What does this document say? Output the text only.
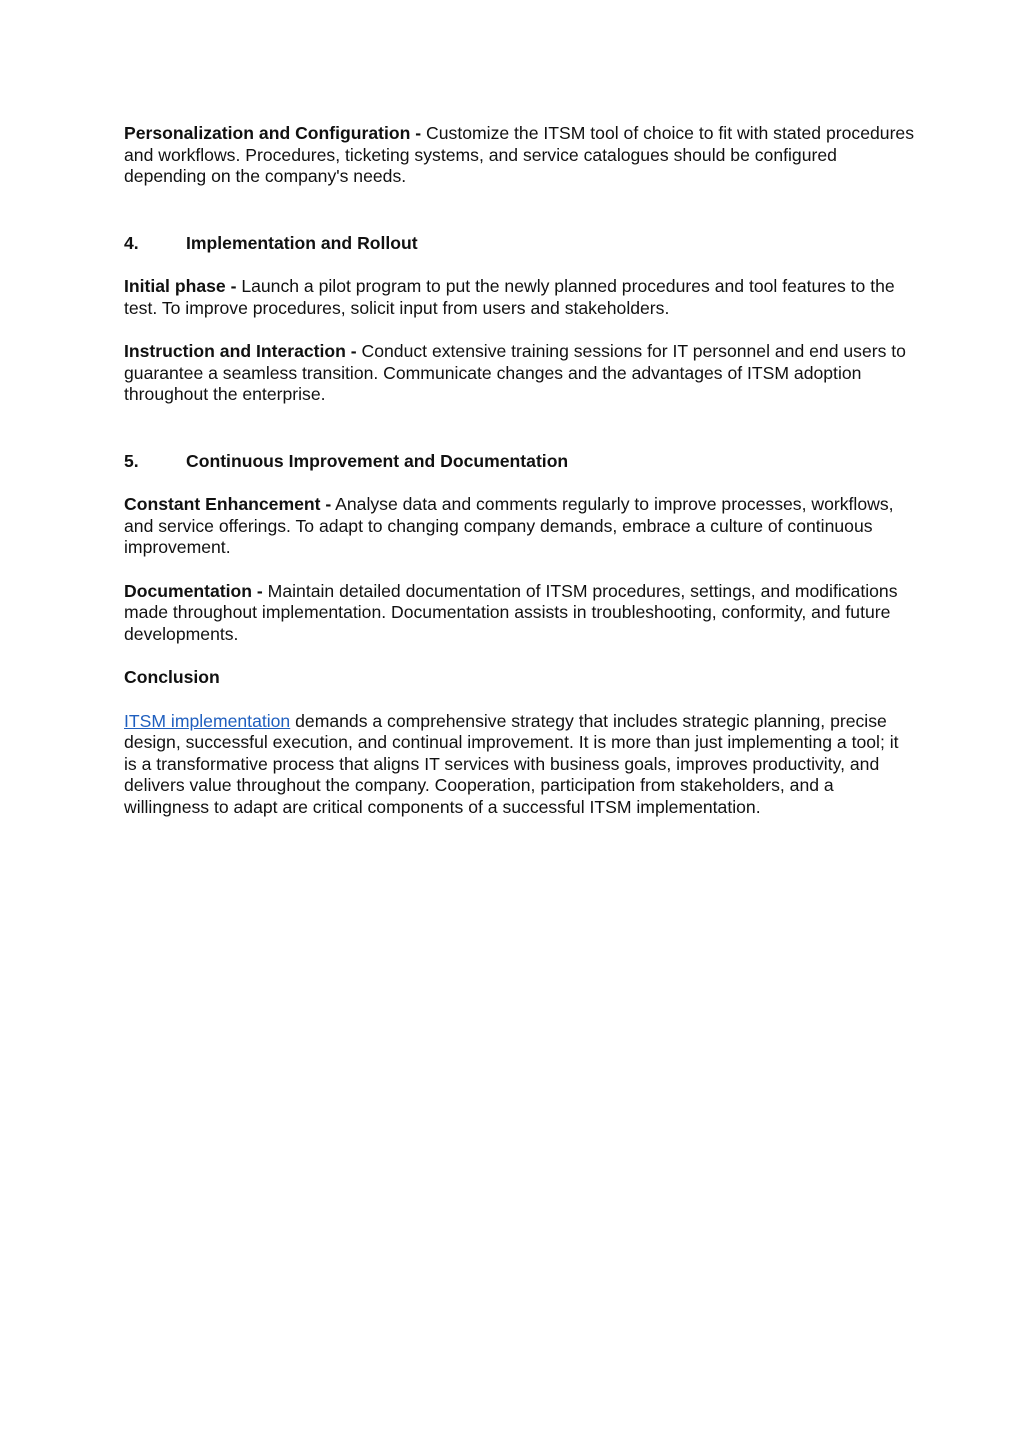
Personalization and Configuration - Customize the ITSM tool of choice to fit with stated procedures and workflows. Procedures, ticketing systems, and service catalogues should be configured depending on the company's needs.

4.	Implementation and Rollout

Initial phase - Launch a pilot program to put the newly planned procedures and tool features to the test. To improve procedures, solicit input from users and stakeholders.

Instruction and Interaction - Conduct extensive training sessions for IT personnel and end users to guarantee a seamless transition. Communicate changes and the advantages of ITSM adoption throughout the enterprise.

5.	Continuous Improvement and Documentation

Constant Enhancement - Analyse data and comments regularly to improve processes, workflows, and service offerings. To adapt to changing company demands, embrace a culture of continuous improvement.

Documentation - Maintain detailed documentation of ITSM procedures, settings, and modifications made throughout implementation. Documentation assists in troubleshooting, conformity, and future developments.

Conclusion

ITSM implementation demands a comprehensive strategy that includes strategic planning, precise design, successful execution, and continual improvement. It is more than just implementing a tool; it is a transformative process that aligns IT services with business goals, improves productivity, and delivers value throughout the company. Cooperation, participation from stakeholders, and a willingness to adapt are critical components of a successful ITSM implementation.
